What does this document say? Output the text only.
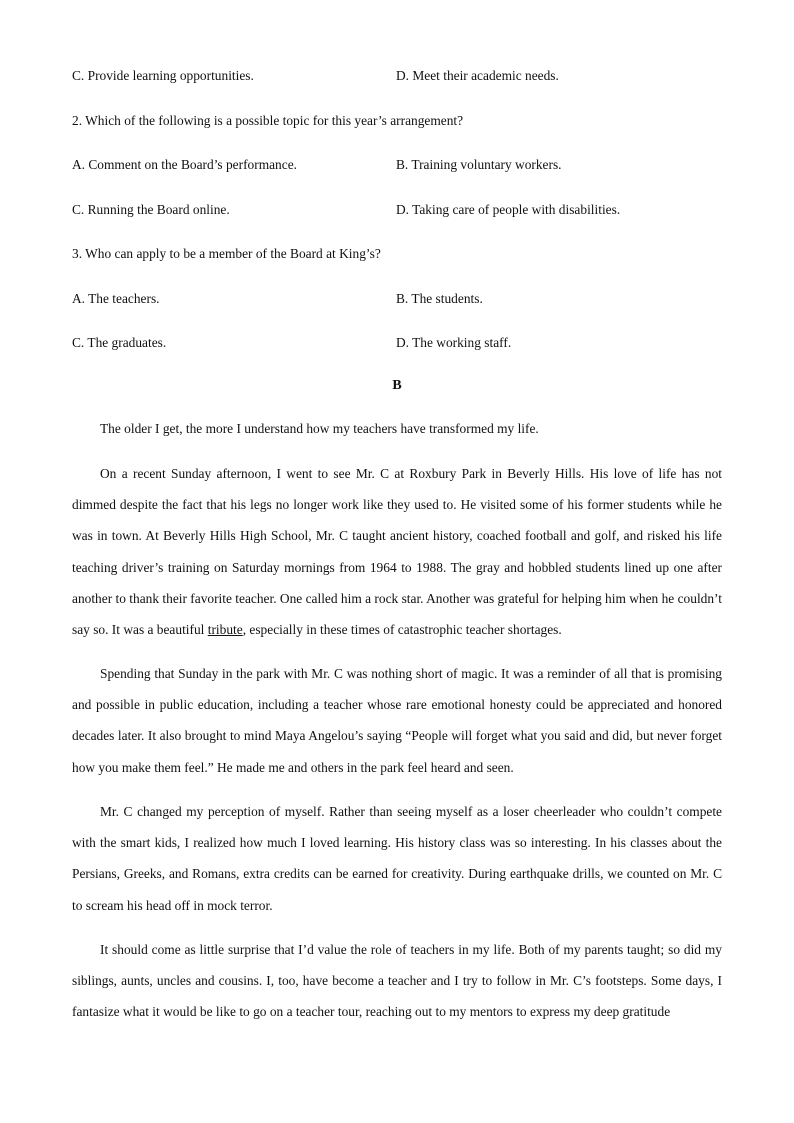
C. Provide learning opportunities.	D. Meet their academic needs.
2. Which of the following is a possible topic for this year’s arrangement?
A. Comment on the Board’s performance.	B. Training voluntary workers.
C. Running the Board online.	D. Taking care of people with disabilities.
3. Who can apply to be a member of the Board at King’s?
A. The teachers.	B. The students.
C. The graduates.	D. The working staff.
B

The older I get, the more I understand how my teachers have transformed my life.

On a recent Sunday afternoon, I went to see Mr. C at Roxbury Park in Beverly Hills. His love of life has not dimmed despite the fact that his legs no longer work like they used to. He visited some of his former students while he was in town. At Beverly Hills High School, Mr. C taught ancient history, coached football and golf, and risked his life teaching driver’s training on Saturday mornings from 1964 to 1988. The gray and hobbled students lined up one after another to thank their favorite teacher. One called him a rock star. Another was grateful for helping him when he couldn’t say so. It was a beautiful tribute, especially in these times of catastrophic teacher shortages.

Spending that Sunday in the park with Mr. C was nothing short of magic. It was a reminder of all that is promising and possible in public education, including a teacher whose rare emotional honesty could be appreciated and honored decades later. It also brought to mind Maya Angelou’s saying “People will forget what you said and did, but never forget how you make them feel.” He made me and others in the park feel heard and seen.

Mr. C changed my perception of myself. Rather than seeing myself as a loser cheerleader who couldn’t compete with the smart kids, I realized how much I loved learning. His history class was so interesting. In his classes about the Persians, Greeks, and Romans, extra credits can be earned for creativity. During earthquake drills, we counted on Mr. C to scream his head off in mock terror.

It should come as little surprise that I’d value the role of teachers in my life. Both of my parents taught; so did my siblings, aunts, uncles and cousins. I, too, have become a teacher and I try to follow in Mr. C’s footsteps. Some days, I fantasize what it would be like to go on a teacher tour, reaching out to my mentors to express my deep gratitude
